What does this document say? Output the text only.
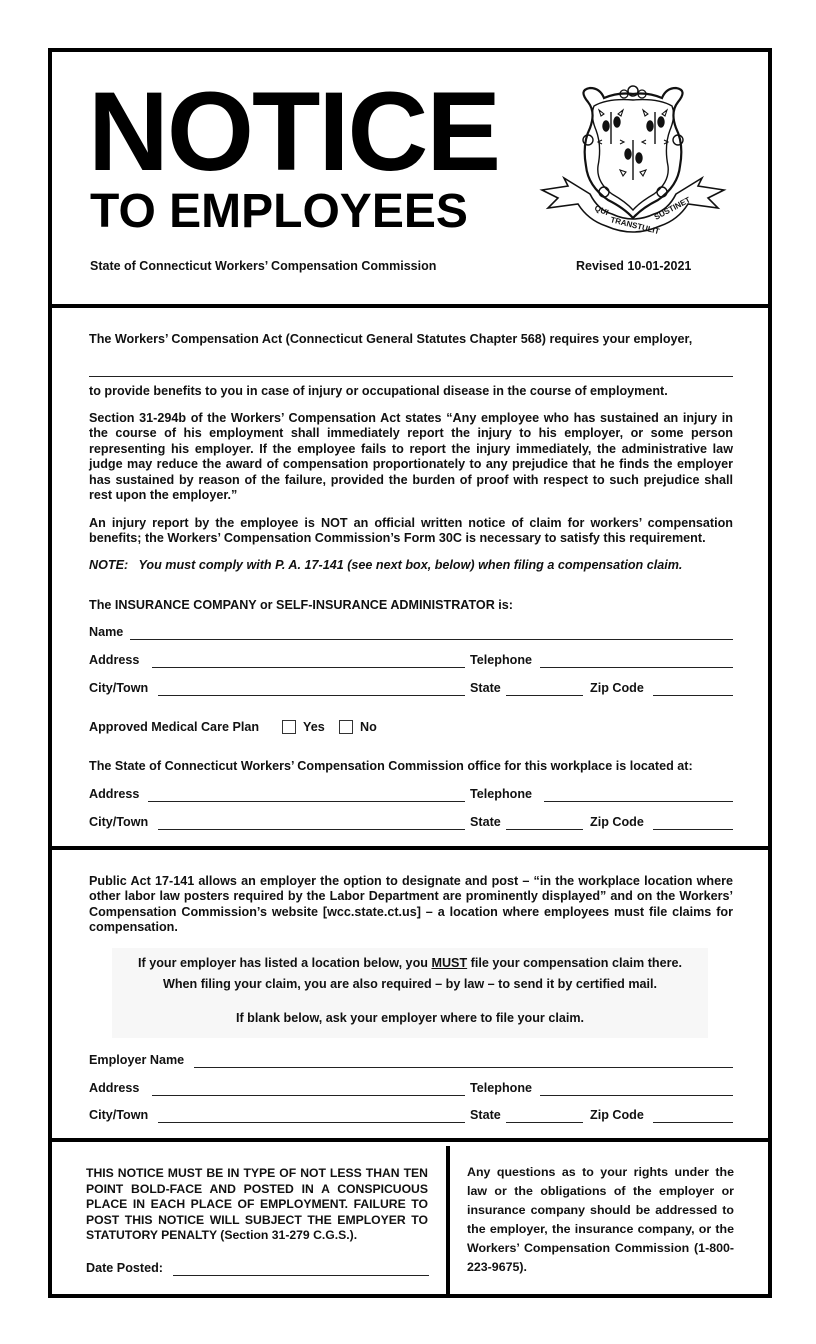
NOTICE
TO EMPLOYEES
State of Connecticut Workers’ Compensation Commission	Revised 10-01-2021
QUI
TRANSTULIT
SUSTINET
The Workers’ Compensation Act (Connecticut General Statutes Chapter 568) requires your employer,
to provide benefits to you in case of injury or occupational disease in the course of employment.
Section 31-294b of the Workers’ Compensation Act states “Any employee who has sustained an injury in the course of his employment shall immediately report the injury to his employer, or some person representing his employer. If the employee fails to report the injury immediately, the administrative law judge may reduce the award of compensation proportionately to any prejudice that he finds the employer has sustained by reason of the failure, provided the burden of proof with respect to such prejudice shall rest upon the employer.”
An injury report by the employee is NOT an official written notice of claim for workers’ compensation benefits; the Workers’ Compensation Commission’s Form 30C is necessary to satisfy this requirement.
NOTE:   You must comply with P. A. 17-141 (see next box, below) when filing a compensation claim.
The INSURANCE COMPANY or SELF-INSURANCE ADMINISTRATOR is:
Name
Address	Telephone
City/Town	State	Zip Code
Approved Medical Care Plan	Yes	No
The State of Connecticut Workers’ Compensation Commission office for this workplace is located at:
Address	Telephone
City/Town	State	Zip Code
Public Act 17-141 allows an employer the option to designate and post – “in the workplace location where other labor law posters required by the Labor Department are prominently displayed” and on the Workers’ Compensation Commission’s website [wcc.state.ct.us] – a location where employees must file claims for compensation.
If your employer has listed a location below, you MUST file your compensation claim there.
When filing your claim, you are also required – by law – to send it by certified mail.
If blank below, ask your employer where to file your claim.
Employer Name
Address	Telephone
City/Town	State	Zip Code
THIS NOTICE MUST BE IN TYPE OF NOT LESS THAN TEN POINT BOLD-FACE AND POSTED IN A CONSPICUOUS PLACE IN EACH PLACE OF EMPLOYMENT. FAILURE TO POST THIS NOTICE WILL SUBJECT THE EMPLOYER TO STATUTORY PENALTY (Section 31-279 C.G.S.).
Date Posted:
Any questions as to your rights under the law or the obligations of the employer or insurance company should be addressed to the employer, the insurance company, or the Workers’ Compensation Commission (1-800-223-9675).
